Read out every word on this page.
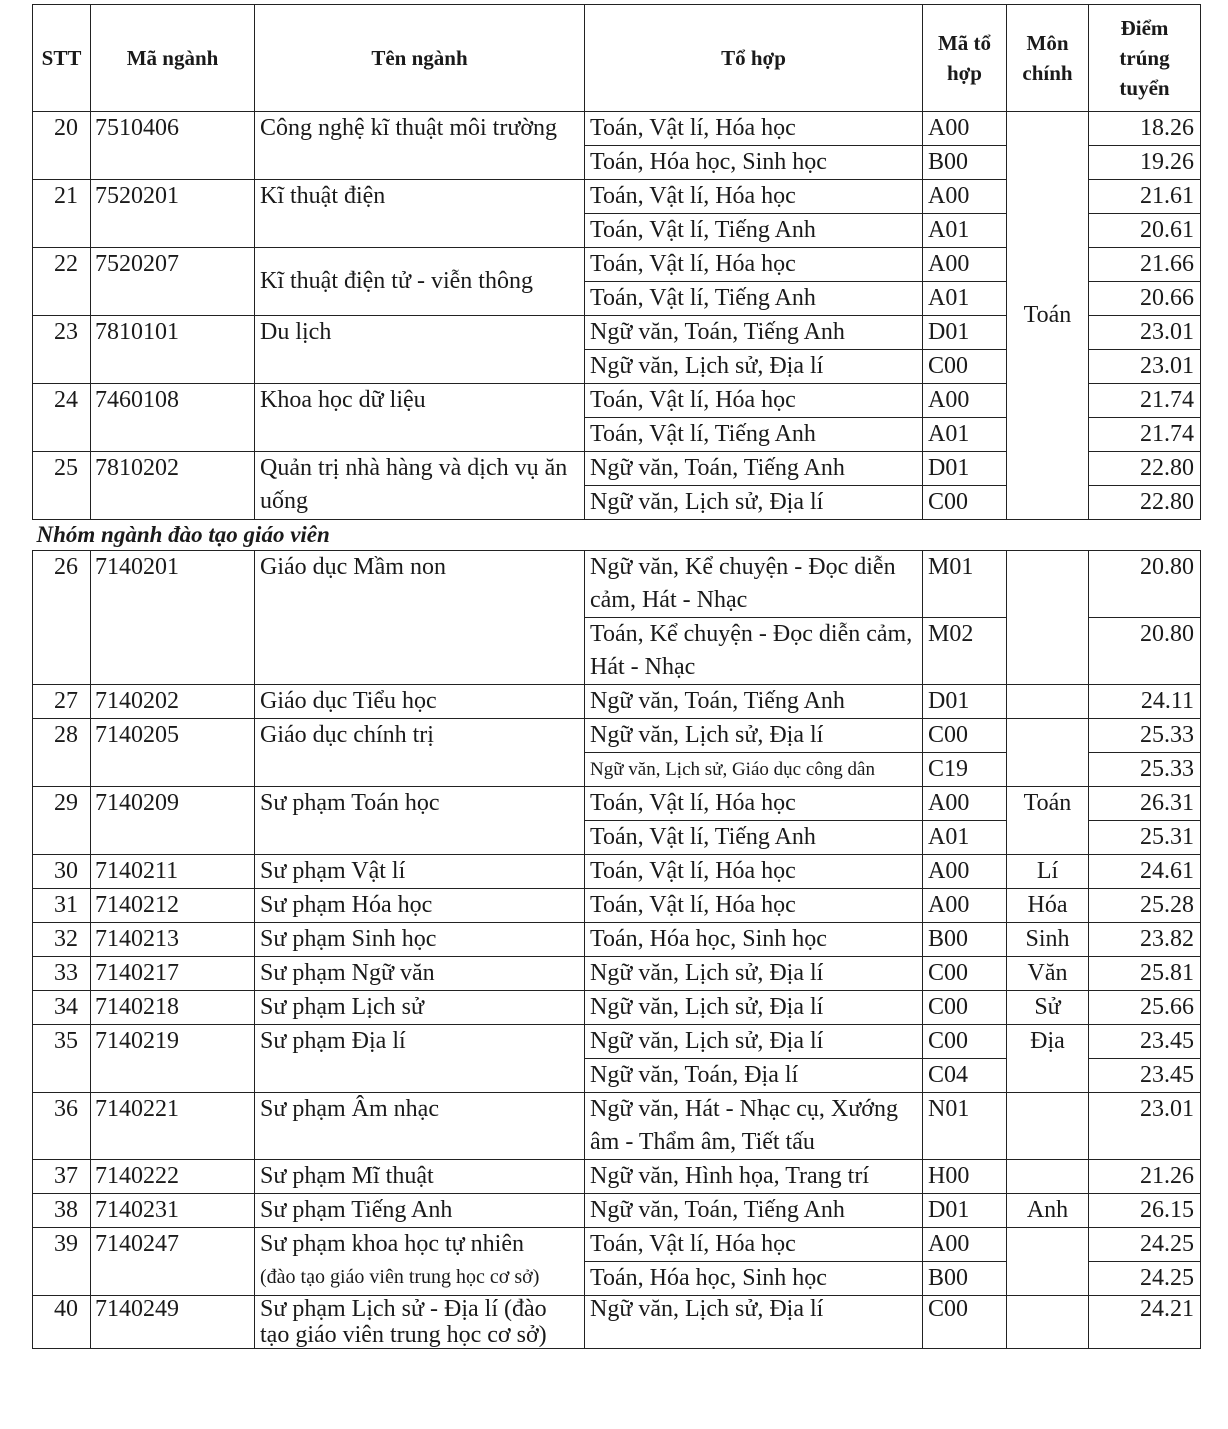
STT	Mã ngành	Tên ngành	Tổ hợp	Mã tổ hợp	Môn chính	Điểm trúng tuyển
20	7510406	Công nghệ kĩ thuật môi trường	Toán, Vật lí, Hóa học	A00	Toán	18.26
			Toán, Hóa học, Sinh học	B00		19.26
21	7520201	Kĩ thuật điện	Toán, Vật lí, Hóa học	A00		21.61
			Toán, Vật lí, Tiếng Anh	A01		20.61
22	7520207	Kĩ thuật điện tử - viễn thông	Toán, Vật lí, Hóa học	A00		21.66
			Toán, Vật lí, Tiếng Anh	A01		20.66
23	7810101	Du lịch	Ngữ văn, Toán, Tiếng Anh	D01		23.01
			Ngữ văn, Lịch sử, Địa lí	C00		23.01
24	7460108	Khoa học dữ liệu	Toán, Vật lí, Hóa học	A00		21.74
			Toán, Vật lí, Tiếng Anh	A01		21.74
25	7810202	Quản trị nhà hàng và dịch vụ ăn uống	Ngữ văn, Toán, Tiếng Anh	D01		22.80
			Ngữ văn, Lịch sử, Địa lí	C00		22.80
Nhóm ngành đào tạo giáo viên						
26	7140201	Giáo dục Mầm non	Ngữ văn, Kể chuyện - Đọc diễn cảm, Hát - Nhạc	M01		20.80
			Toán, Kể chuyện - Đọc diễn cảm, Hát - Nhạc	M02		20.80
27	7140202	Giáo dục Tiểu học	Ngữ văn, Toán, Tiếng Anh	D01		24.11
28	7140205	Giáo dục chính trị	Ngữ văn, Lịch sử, Địa lí	C00		25.33
			Ngữ văn, Lịch sử, Giáo dục công dân	C19		25.33
29	7140209	Sư phạm Toán học	Toán, Vật lí, Hóa học	A00	Toán	26.31
			Toán, Vật lí, Tiếng Anh	A01		25.31
30	7140211	Sư phạm Vật lí	Toán, Vật lí, Hóa học	A00	Lí	24.61
31	7140212	Sư phạm Hóa học	Toán, Vật lí, Hóa học	A00	Hóa	25.28
32	7140213	Sư phạm Sinh học	Toán, Hóa học, Sinh học	B00	Sinh	23.82
33	7140217	Sư phạm Ngữ văn	Ngữ văn, Lịch sử, Địa lí	C00	Văn	25.81
34	7140218	Sư phạm Lịch sử	Ngữ văn, Lịch sử, Địa lí	C00	Sử	25.66
35	7140219	Sư phạm Địa lí	Ngữ văn, Lịch sử, Địa lí	C00	Địa	23.45
			Ngữ văn, Toán, Địa lí	C04		23.45
36	7140221	Sư phạm Âm nhạc	Ngữ văn, Hát - Nhạc cụ, Xướng âm - Thẩm âm, Tiết tấu	N01		23.01
37	7140222	Sư phạm Mĩ thuật	Ngữ văn, Hình họa, Trang trí	H00		21.26
38	7140231	Sư phạm Tiếng Anh	Ngữ văn, Toán, Tiếng Anh	D01	Anh	26.15
39	7140247	Sư phạm khoa học tự nhiên
(đào tạo giáo viên trung học cơ sở)	Toán, Vật lí, Hóa học	A00		24.25
			Toán, Hóa học, Sinh học	B00		24.25
40	7140249	Sư phạm Lịch sử - Địa lí (đào tạo giáo viên trung học cơ sở)	Ngữ văn, Lịch sử, Địa lí	C00		24.21
